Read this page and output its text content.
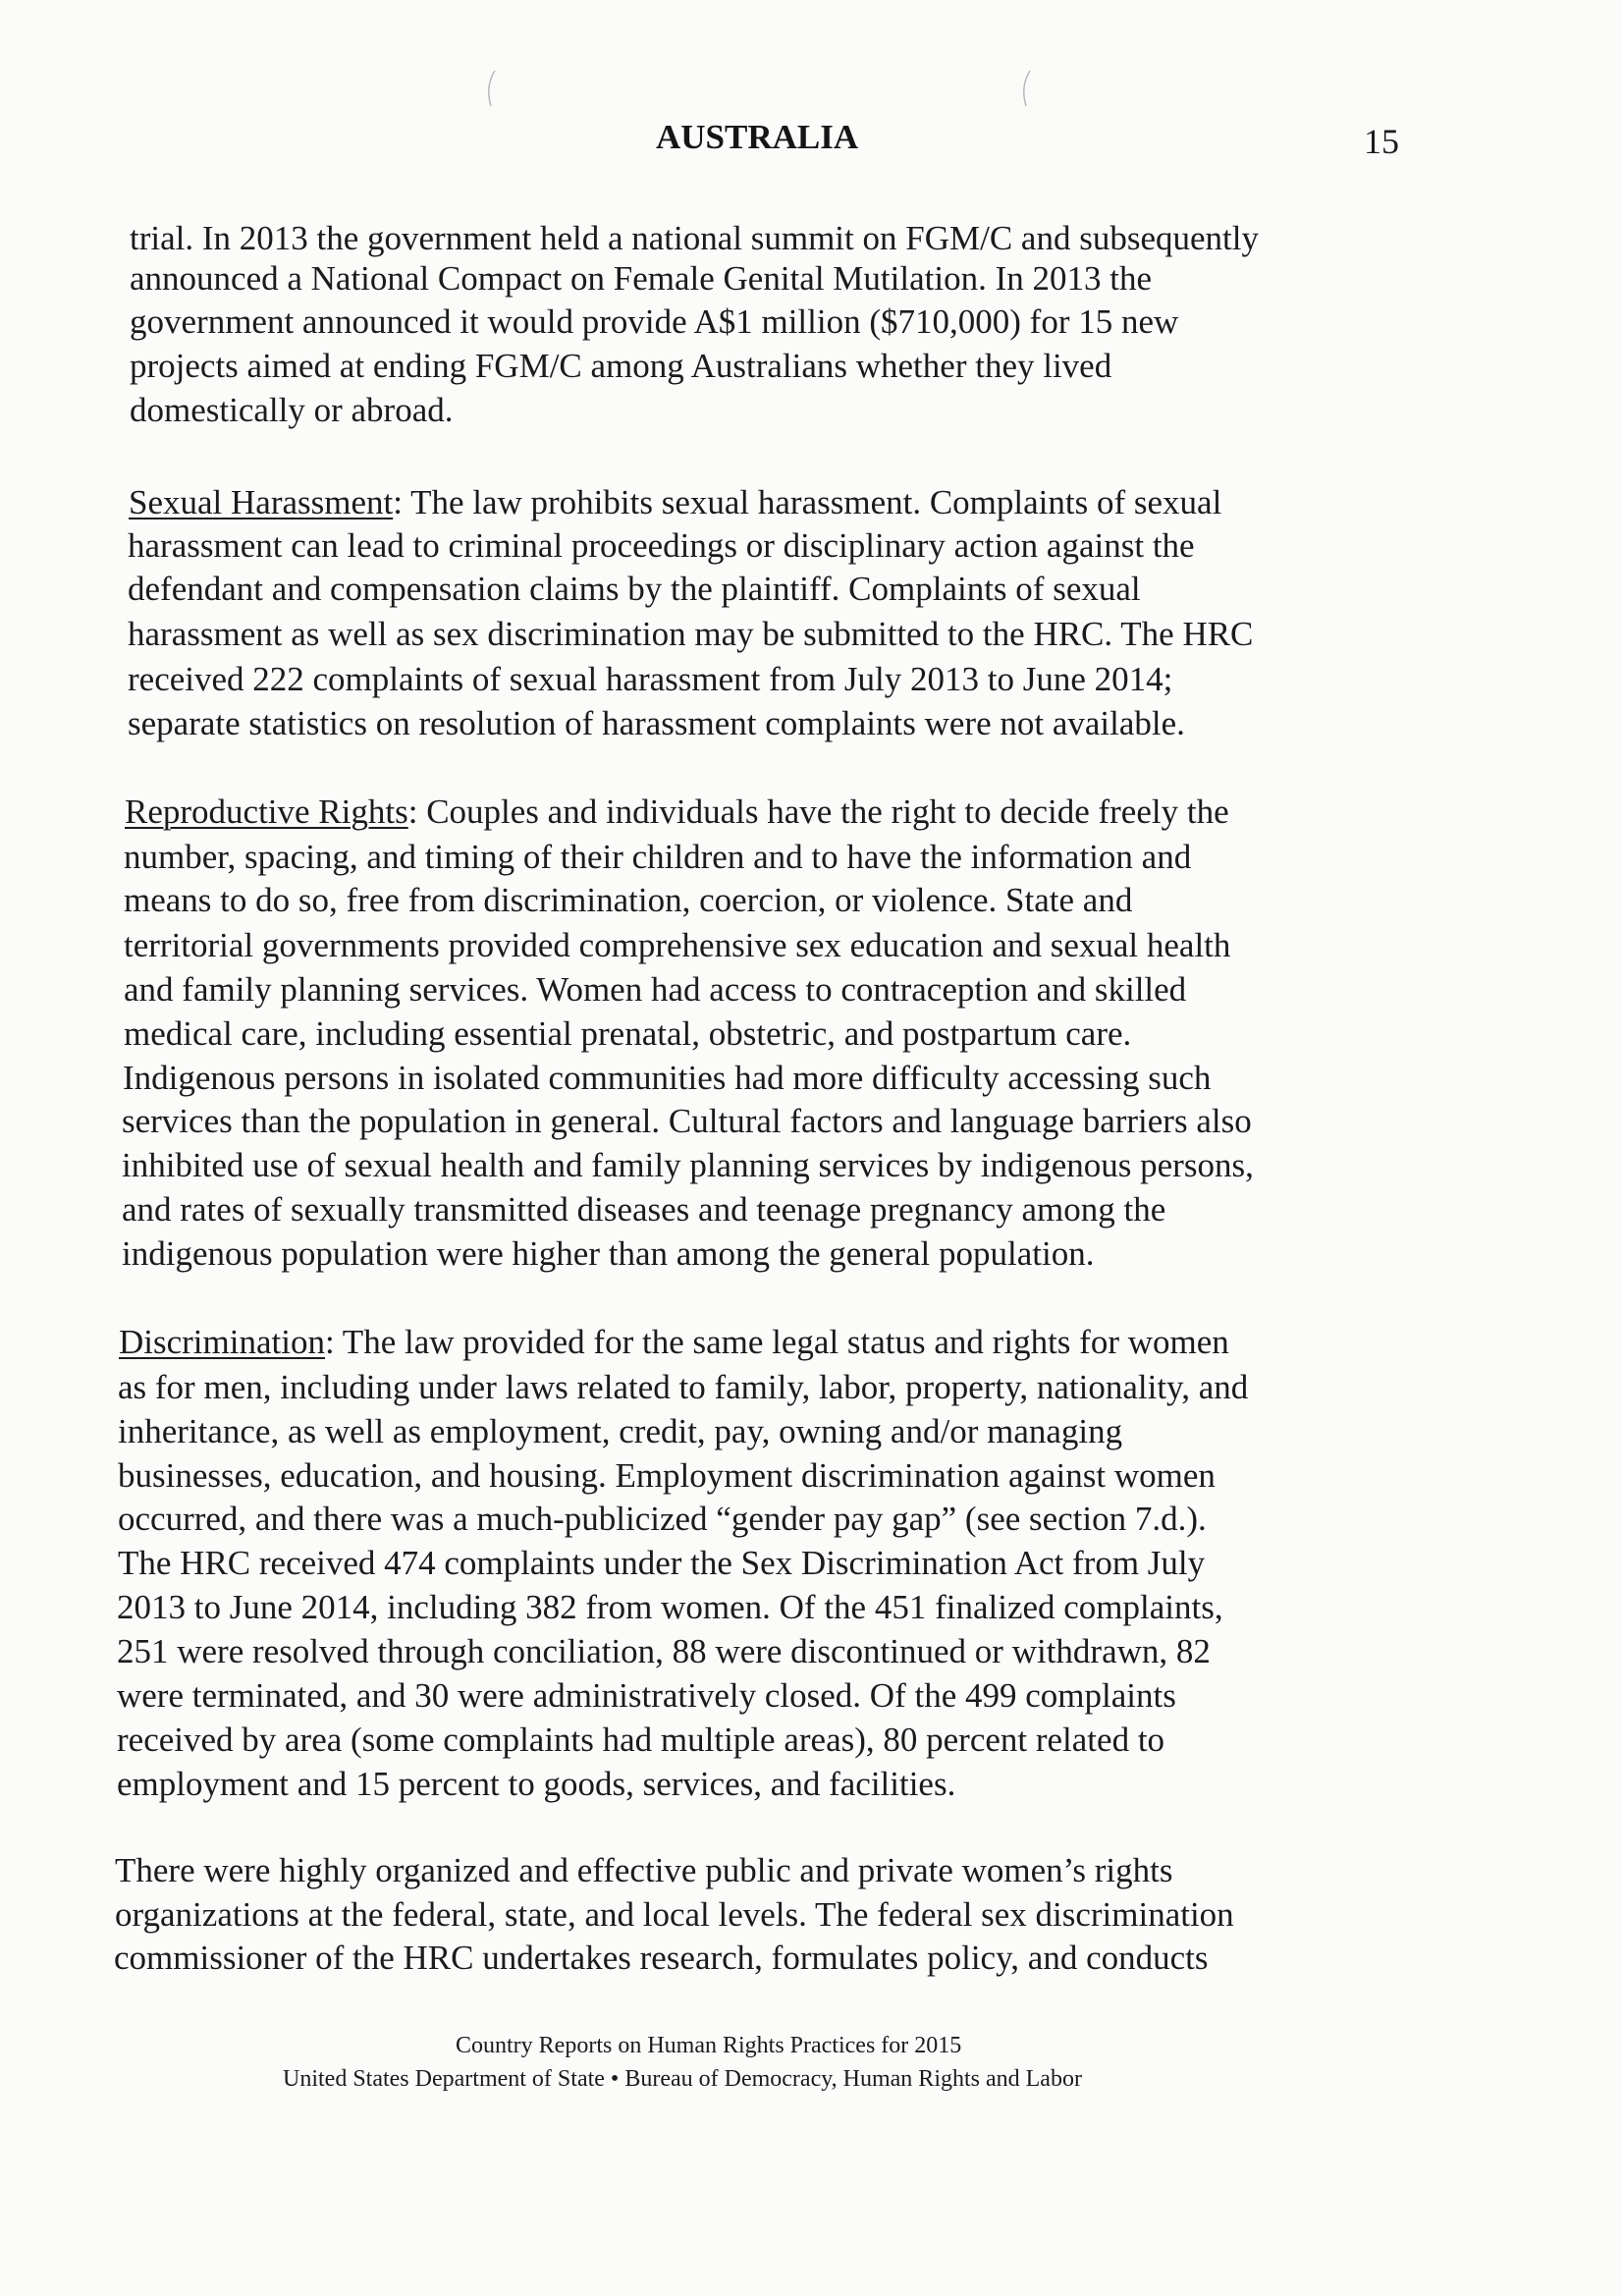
AUSTRALIA	15
trial. In 2013 the government held a national summit on FGM/C and subsequently
announced a National Compact on Female Genital Mutilation. In 2013 the
government announced it would provide A$1 million ($710,000) for 15 new
projects aimed at ending FGM/C among Australians whether they lived
domestically or abroad.
Sexual Harassment: The law prohibits sexual harassment. Complaints of sexual
harassment can lead to criminal proceedings or disciplinary action against the
defendant and compensation claims by the plaintiff. Complaints of sexual
harassment as well as sex discrimination may be submitted to the HRC. The HRC
received 222 complaints of sexual harassment from July 2013 to June 2014;
separate statistics on resolution of harassment complaints were not available.
Reproductive Rights: Couples and individuals have the right to decide freely the
number, spacing, and timing of their children and to have the information and
means to do so, free from discrimination, coercion, or violence. State and
territorial governments provided comprehensive sex education and sexual health
and family planning services. Women had access to contraception and skilled
medical care, including essential prenatal, obstetric, and postpartum care.
Indigenous persons in isolated communities had more difficulty accessing such
services than the population in general. Cultural factors and language barriers also
inhibited use of sexual health and family planning services by indigenous persons,
and rates of sexually transmitted diseases and teenage pregnancy among the
indigenous population were higher than among the general population.
Discrimination: The law provided for the same legal status and rights for women
as for men, including under laws related to family, labor, property, nationality, and
inheritance, as well as employment, credit, pay, owning and/or managing
businesses, education, and housing. Employment discrimination against women
occurred, and there was a much-publicized “gender pay gap” (see section 7.d.).
The HRC received 474 complaints under the Sex Discrimination Act from July
2013 to June 2014, including 382 from women. Of the 451 finalized complaints,
251 were resolved through conciliation, 88 were discontinued or withdrawn, 82
were terminated, and 30 were administratively closed. Of the 499 complaints
received by area (some complaints had multiple areas), 80 percent related to
employment and 15 percent to goods, services, and facilities.
There were highly organized and effective public and private women’s rights
organizations at the federal, state, and local levels. The federal sex discrimination
commissioner of the HRC undertakes research, formulates policy, and conducts
Country Reports on Human Rights Practices for 2015
United States Department of State • Bureau of Democracy, Human Rights and Labor
